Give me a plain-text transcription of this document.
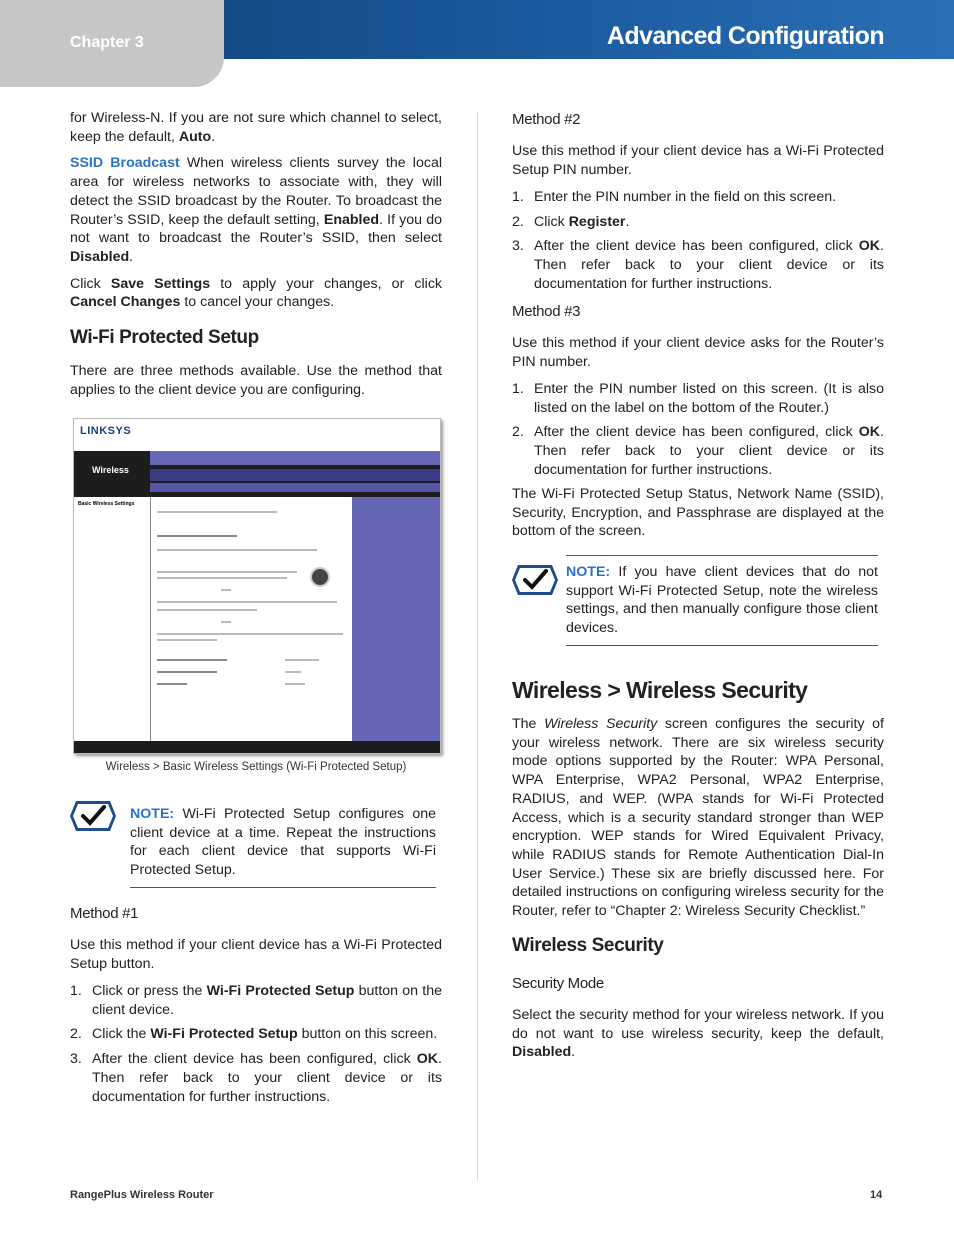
Chapter 3	Advanced Configuration

for Wireless-N. If you are not sure which channel to select, keep the default, Auto.

SSID Broadcast When wireless clients survey the local area for wireless networks to associate with, they will detect the SSID broadcast by the Router. To broadcast the Router’s SSID, keep the default setting, Enabled. If you do not want to broadcast the Router’s SSID, then select Disabled.

Click Save Settings to apply your changes, or click Cancel Changes to cancel your changes.

Wi-Fi Protected Setup

There are three methods available. Use the method that applies to the client device you are configuring.

LINKSYS
Wireless
Basic Wireless Settings
Wireless > Basic Wireless Settings (Wi-Fi Protected Setup)
NOTE: Wi-Fi Protected Setup configures one client device at a time. Repeat the instructions for each client device that supports Wi-Fi Protected Setup.
Method #1

Use this method if your client device has a Wi-Fi Protected Setup button.

1. Click or press the Wi-Fi Protected Setup button on the client device.
2. Click the Wi-Fi Protected Setup button on this screen.
3. After the client device has been configured, click OK. Then refer back to your client device or its documentation for further instructions.
Method #2

Use this method if your client device has a Wi-Fi Protected Setup PIN number.

1. Enter the PIN number in the field on this screen.
2. Click Register.
3. After the client device has been configured, click OK. Then refer back to your client device or its documentation for further instructions.
Method #3

Use this method if your client device asks for the Router’s PIN number.

1. Enter the PIN number listed on this screen. (It is also listed on the label on the bottom of the Router.)
2. After the client device has been configured, click OK. Then refer back to your client device or its documentation for further instructions.

The Wi-Fi Protected Setup Status, Network Name (SSID), Security, Encryption, and Passphrase are displayed at the bottom of the screen.

NOTE: If you have client devices that do not support Wi-Fi Protected Setup, note the wireless settings, and then manually configure those client devices.
Wireless > Wireless Security

The Wireless Security screen configures the security of your wireless network. There are six wireless security mode options supported by the Router: WPA Personal, WPA Enterprise, WPA2 Personal, WPA2 Enterprise, RADIUS, and WEP. (WPA stands for Wi-Fi Protected Access, which is a security standard stronger than WEP encryption. WEP stands for Wired Equivalent Privacy, while RADIUS stands for Remote Authentication Dial-In User Service.) These six are briefly discussed here. For detailed instructions on configuring wireless security for the Router, refer to “Chapter 2: Wireless Security Checklist.”

Wireless Security
Security Mode

Select the security method for your wireless network. If you do not want to use wireless security, keep the default, Disabled.

RangePlus Wireless Router	14
